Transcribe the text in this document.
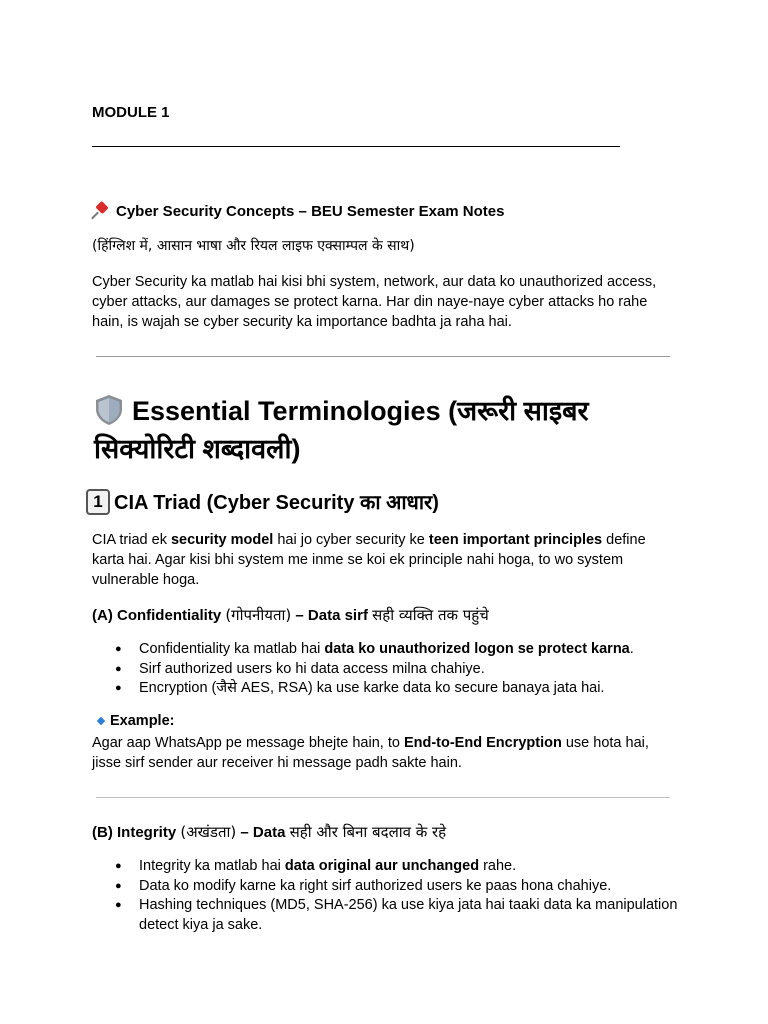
MODULE 1
Cyber Security Concepts – BEU Semester Exam Notes
(हिंग्लिश में, आसान भाषा और रियल लाइफ एक्साम्पल के साथ)
Cyber Security ka matlab hai kisi bhi system, network, aur data ko unauthorized access, cyber attacks, aur damages se protect karna. Har din naye-naye cyber attacks ho rahe hain, is wajah se cyber security ka importance badhta ja raha hai.
Essential Terminologies (जरूरी साइबर सिक्योरिटी शब्दावली)
1 CIA Triad (Cyber Security का आधार)
CIA triad ek security model hai jo cyber security ke teen important principles define karta hai. Agar kisi bhi system me inme se koi ek principle nahi hoga, to wo system vulnerable hoga.
(A) Confidentiality (गोपनीयता) – Data sirf सही व्यक्ति तक पहुंचे
● Confidentiality ka matlab hai data ko unauthorized logon se protect karna.
● Sirf authorized users ko hi data access milna chahiye.
● Encryption (जैसे AES, RSA) ka use karke data ko secure banaya jata hai.
Example:
Agar aap WhatsApp pe message bhejte hain, to End-to-End Encryption use hota hai, jisse sirf sender aur receiver hi message padh sakte hain.
(B) Integrity (अखंडता) – Data सही और बिना बदलाव के रहे
● Integrity ka matlab hai data original aur unchanged rahe.
● Data ko modify karne ka right sirf authorized users ke paas hona chahiye.
● Hashing techniques (MD5, SHA-256) ka use kiya jata hai taaki data ka manipulation detect kiya ja sake.
